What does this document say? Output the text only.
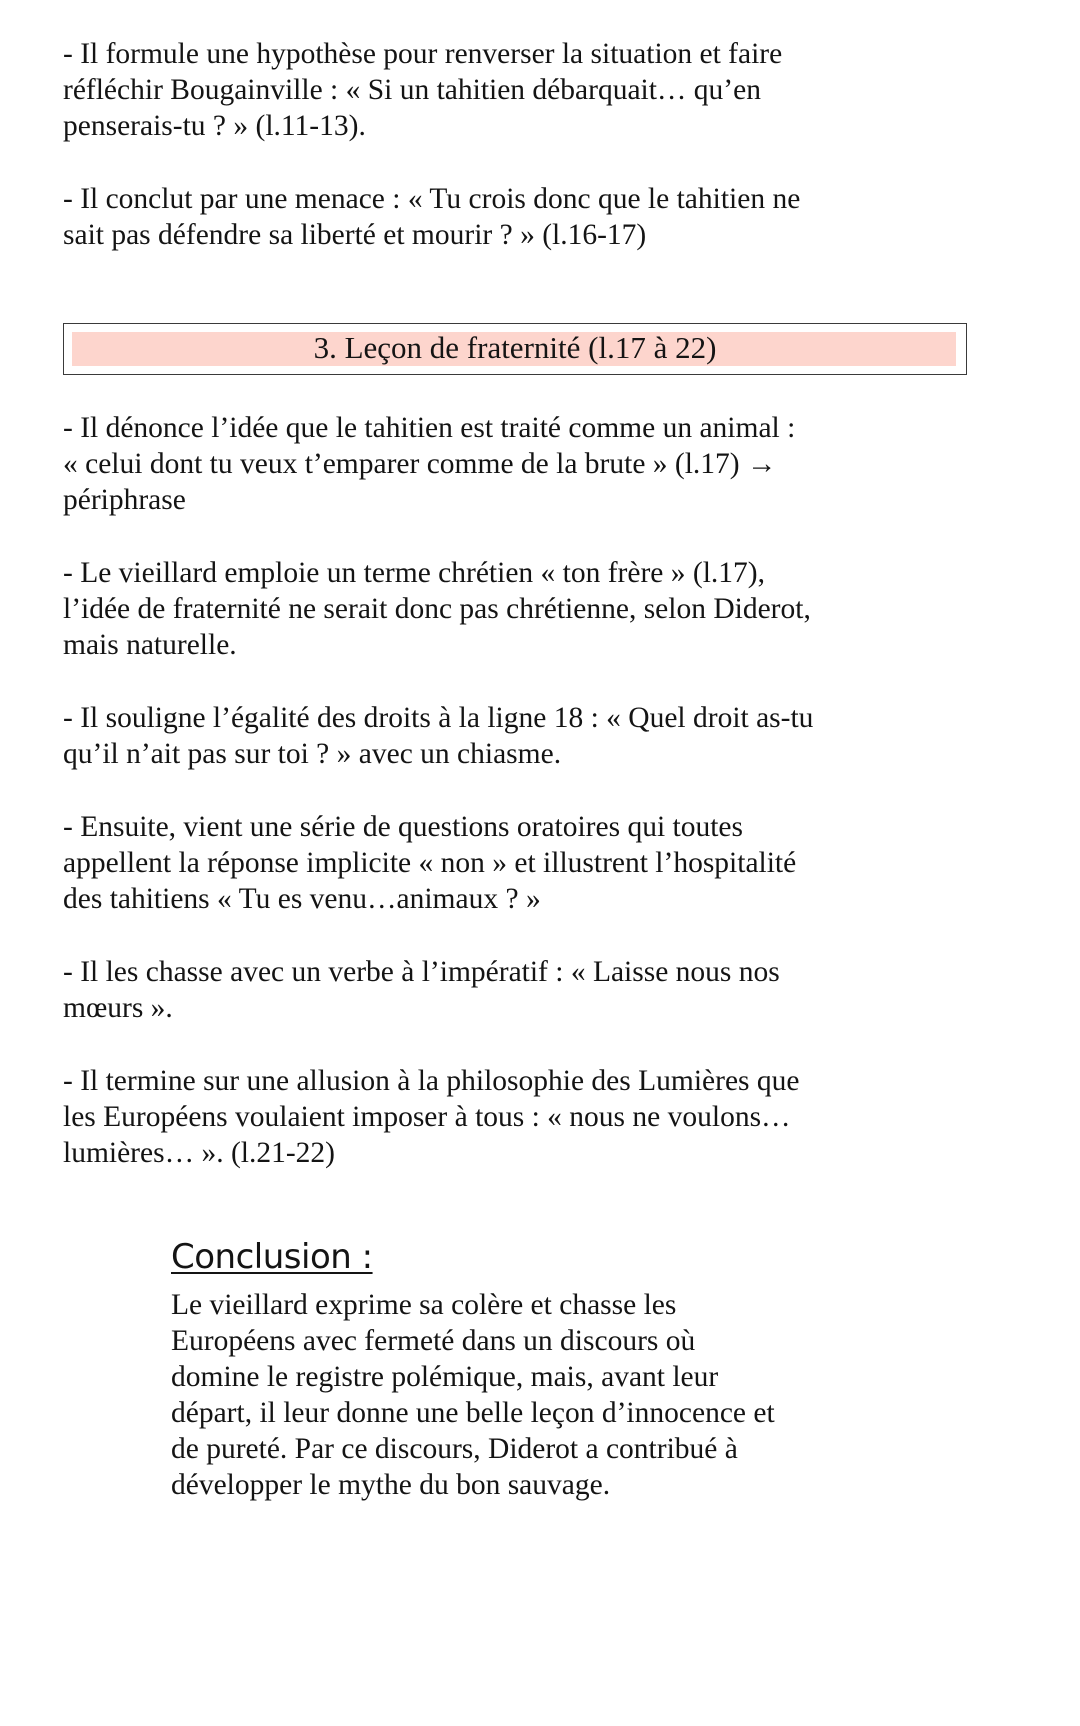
- Il formule une hypothèse pour renverser la situation et faire
réfléchir Bougainville : « Si un tahitien débarquait… qu’en
penserais-tu ? » (l.11-13).
- Il conclut par une menace : « Tu crois donc que le tahitien ne
sait pas défendre sa liberté et mourir ? » (l.16-17)
3. Leçon de fraternité (l.17 à 22)
- Il dénonce l’idée que le tahitien est traité comme un animal :
« celui dont tu veux t’emparer comme de la brute » (l.17) →
périphrase
- Le vieillard emploie un terme chrétien « ton frère » (l.17),
l’idée de fraternité ne serait donc pas chrétienne, selon Diderot,
mais naturelle.
- Il souligne l’égalité des droits à la ligne 18 : « Quel droit as-tu
qu’il n’ait pas sur toi ? » avec un chiasme.
- Ensuite, vient une série de questions oratoires qui toutes
appellent la réponse implicite « non » et illustrent l’hospitalité
des tahitiens « Tu es venu…animaux ? »
- Il les chasse avec un verbe à l’impératif : « Laisse nous nos
mœurs ».
- Il termine sur une allusion à la philosophie des Lumières que
les Européens voulaient imposer à tous : « nous ne voulons…
lumières… ». (l.21-22)
Conclusion :
Le vieillard exprime sa colère et chasse les
Européens avec fermeté dans un discours où
domine le registre polémique, mais, avant leur
départ, il leur donne une belle leçon d’innocence et
de pureté. Par ce discours, Diderot a contribué à
développer le mythe du bon sauvage.
